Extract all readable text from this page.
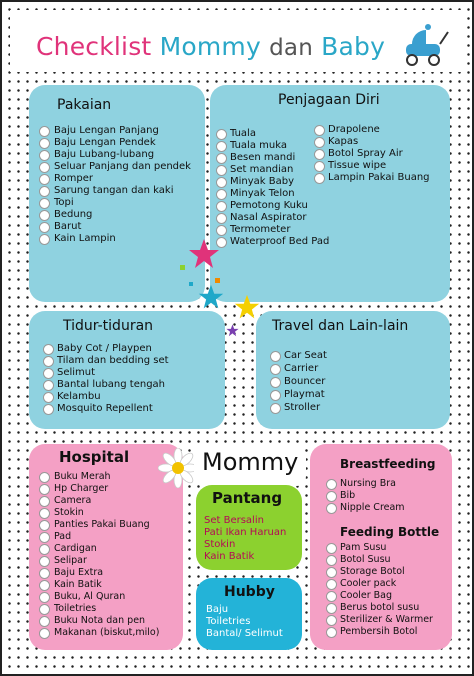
Checklist Mommy dan Baby
Pakaian
Baju Lengan Panjang
Baju Lengan Pendek
Baju Lubang-lubang
Seluar Panjang dan pendek
Romper
Sarung tangan dan kaki
Topi
Bedung
Barut
Kain Lampin
Penjagaan Diri
Tuala
Tuala muka
Besen mandi
Set mandian
Minyak Baby
Minyak Telon
Pemotong Kuku
Nasal Aspirator
Termometer
Waterproof Bed Pad
Drapolene
Kapas
Botol Spray Air
Tissue wipe
Lampin Pakai Buang
Tidur-tiduran
Baby Cot / Playpen
Tilam dan bedding set
Selimut
Bantal lubang tengah
Kelambu
Mosquito Repellent
Travel dan Lain-lain
Car Seat
Carrier
Bouncer
Playmat
Stroller
Hospital
Buku Merah
Hp Charger
Camera
Stokin
Panties Pakai Buang
Pad
Cardigan
Selipar
Baju Extra
Kain Batik
Buku, Al Quran
Toiletries
Buku Nota dan pen
Makanan (biskut,milo)
Mommy
Pantang
Set Bersalin
Pati Ikan Haruan
Stokin
Kain Batik
Hubby
Baju
Toiletries
Bantal/ Selimut
Breastfeeding
Nursing Bra
Bib
Nipple Cream
Feeding Bottle
Pam Susu
Botol Susu
Storage Botol
Cooler pack
Cooler Bag
Berus botol susu
Sterilizer & Warmer
Pembersih Botol
